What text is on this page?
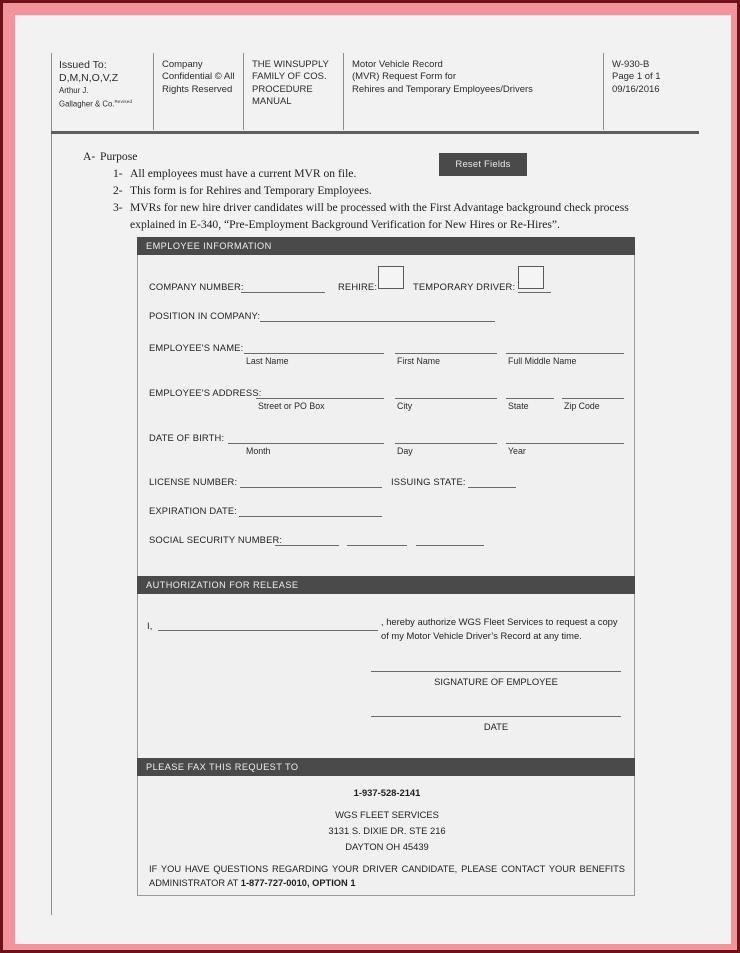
Issued To:
D,M,N,O,V,Z
Arthur J.
Gallagher & Co.$^{Revised}$
Company
Confidential © All
Rights Reserved
THE WINSUPPLY
FAMILY OF COS.
PROCEDURE
MANUAL
Motor Vehicle Record
(MVR) Request Form for
Rehires and Temporary Employees/Drivers
W-930-B
Page 1 of 1
09/16/2016
A- Purpose
1- All employees must have a current MVR on file.
2- This form is for Rehires and Temporary Employees.
3- MVRs for new hire driver candidates will be processed with the First Advantage background check process
explained in E-340, “Pre-Employment Background Verification for New Hires or Re-Hires”.
Reset Fields
EMPLOYEE INFORMATION
COMPANY NUMBER:	REHIRE:	TEMPORARY DRIVER:
POSITION IN COMPANY:
EMPLOYEE'S NAME:
Last Name	First Name	Full Middle Name
EMPLOYEE'S ADDRESS:
Street or PO Box	City	State	Zip Code
DATE OF BIRTH:
Month	Day	Year
LICENSE NUMBER:	ISSUING STATE:
EXPIRATION DATE:
SOCIAL SECURITY NUMBER:
AUTHORIZATION FOR RELEASE
I,	, hereby authorize WGS Fleet Services to request a copy
of my Motor Vehicle Driver’s Record at any time.
SIGNATURE OF EMPLOYEE
DATE
PLEASE FAX THIS REQUEST TO
1-937-528-2141
WGS FLEET SERVICES
3131 S. DIXIE DR. STE 216
DAYTON OH 45439
IF YOU HAVE QUESTIONS REGARDING YOUR DRIVER CANDIDATE, PLEASE CONTACT YOUR BENEFITS ADMINISTRATOR AT 1-877-727-0010, OPTION 1
